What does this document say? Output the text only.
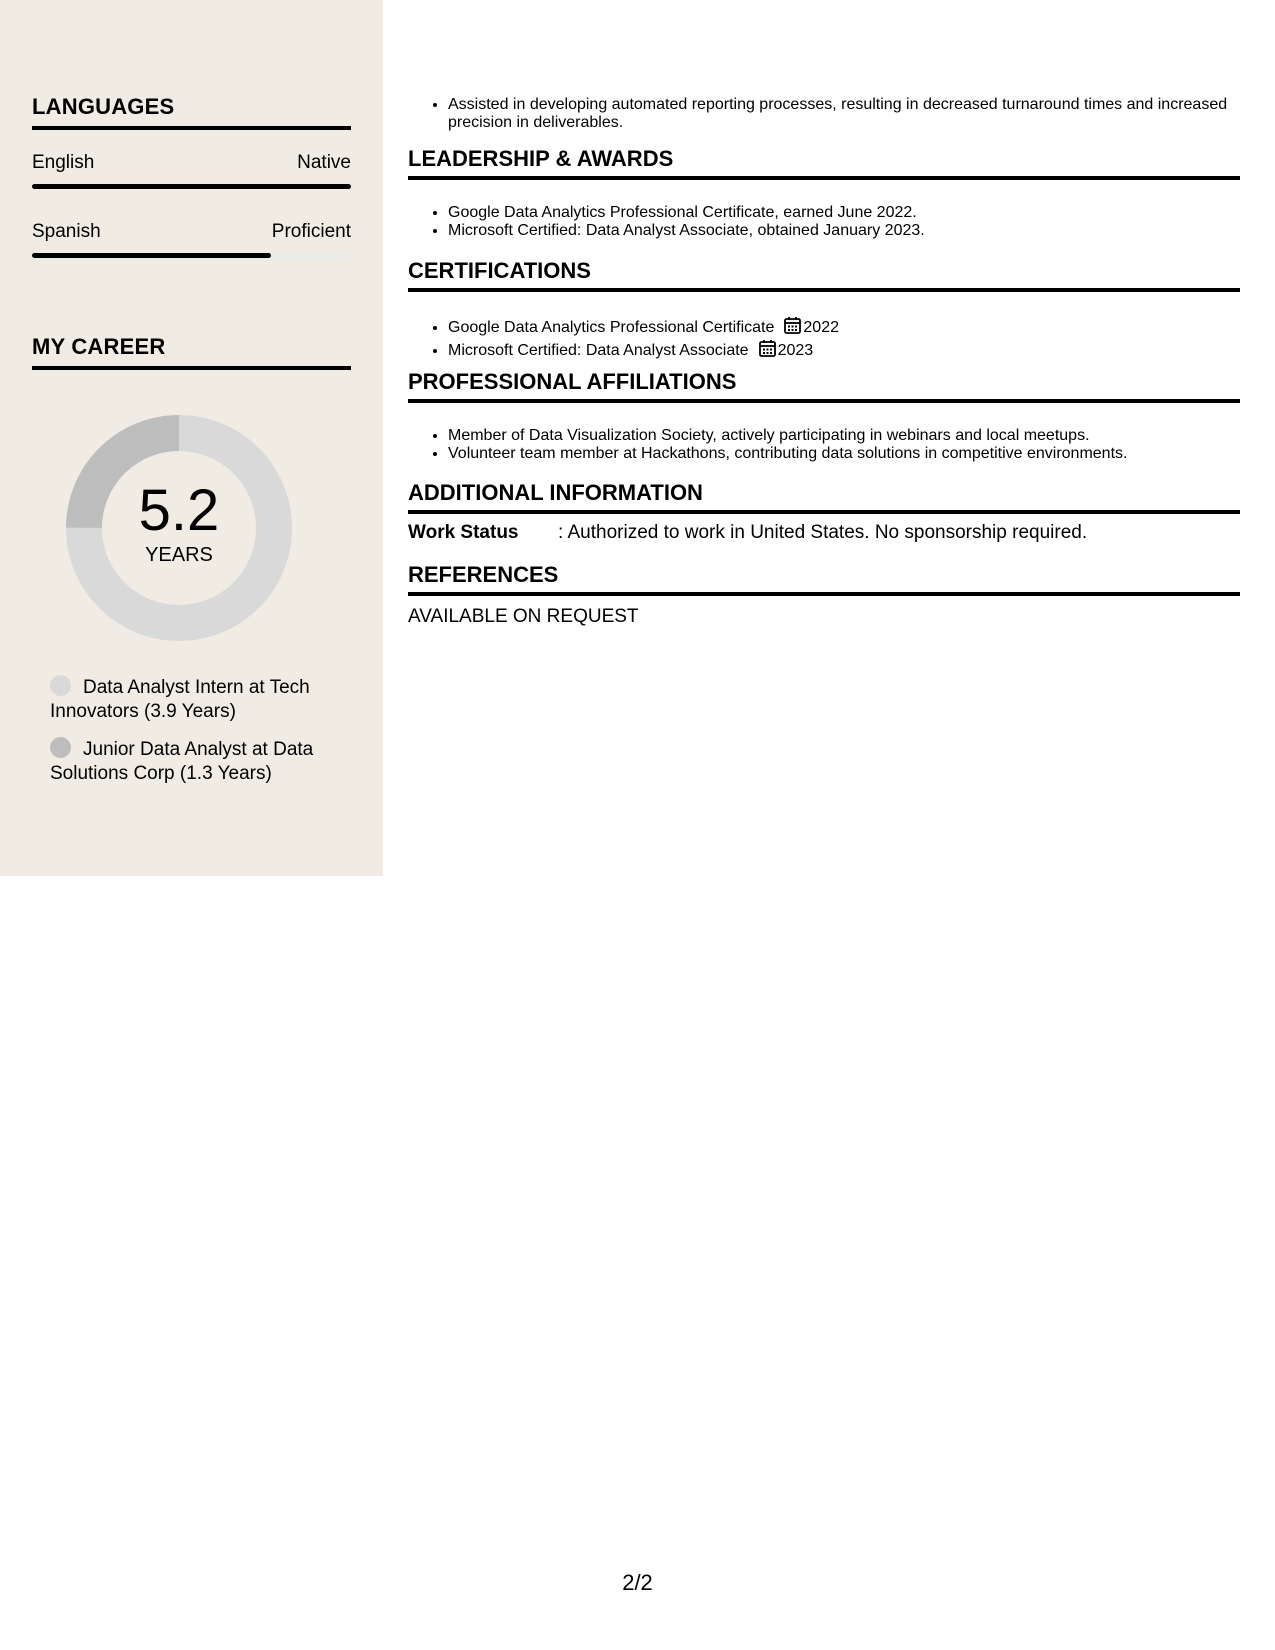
LANGUAGES
English	Native
Spanish	Proficient
MY CAREER
5.2
YEARS
Data Analyst Intern at Tech Innovators (3.9 Years)
Junior Data Analyst at Data Solutions Corp (1.3 Years)
• Assisted in developing automated reporting processes, resulting in decreased turnaround times and increased precision in deliverables.
LEADERSHIP & AWARDS
• Google Data Analytics Professional Certificate, earned June 2022.
• Microsoft Certified: Data Analyst Associate, obtained January 2023.
CERTIFICATIONS
• Google Data Analytics Professional Certificate 2022
• Microsoft Certified: Data Analyst Associate 2023
PROFESSIONAL AFFILIATIONS
• Member of Data Visualization Society, actively participating in webinars and local meetups.
• Volunteer team member at Hackathons, contributing data solutions in competitive environments.
ADDITIONAL INFORMATION
Work Status	: Authorized to work in United States. No sponsorship required.
REFERENCES
AVAILABLE ON REQUEST
2/2
